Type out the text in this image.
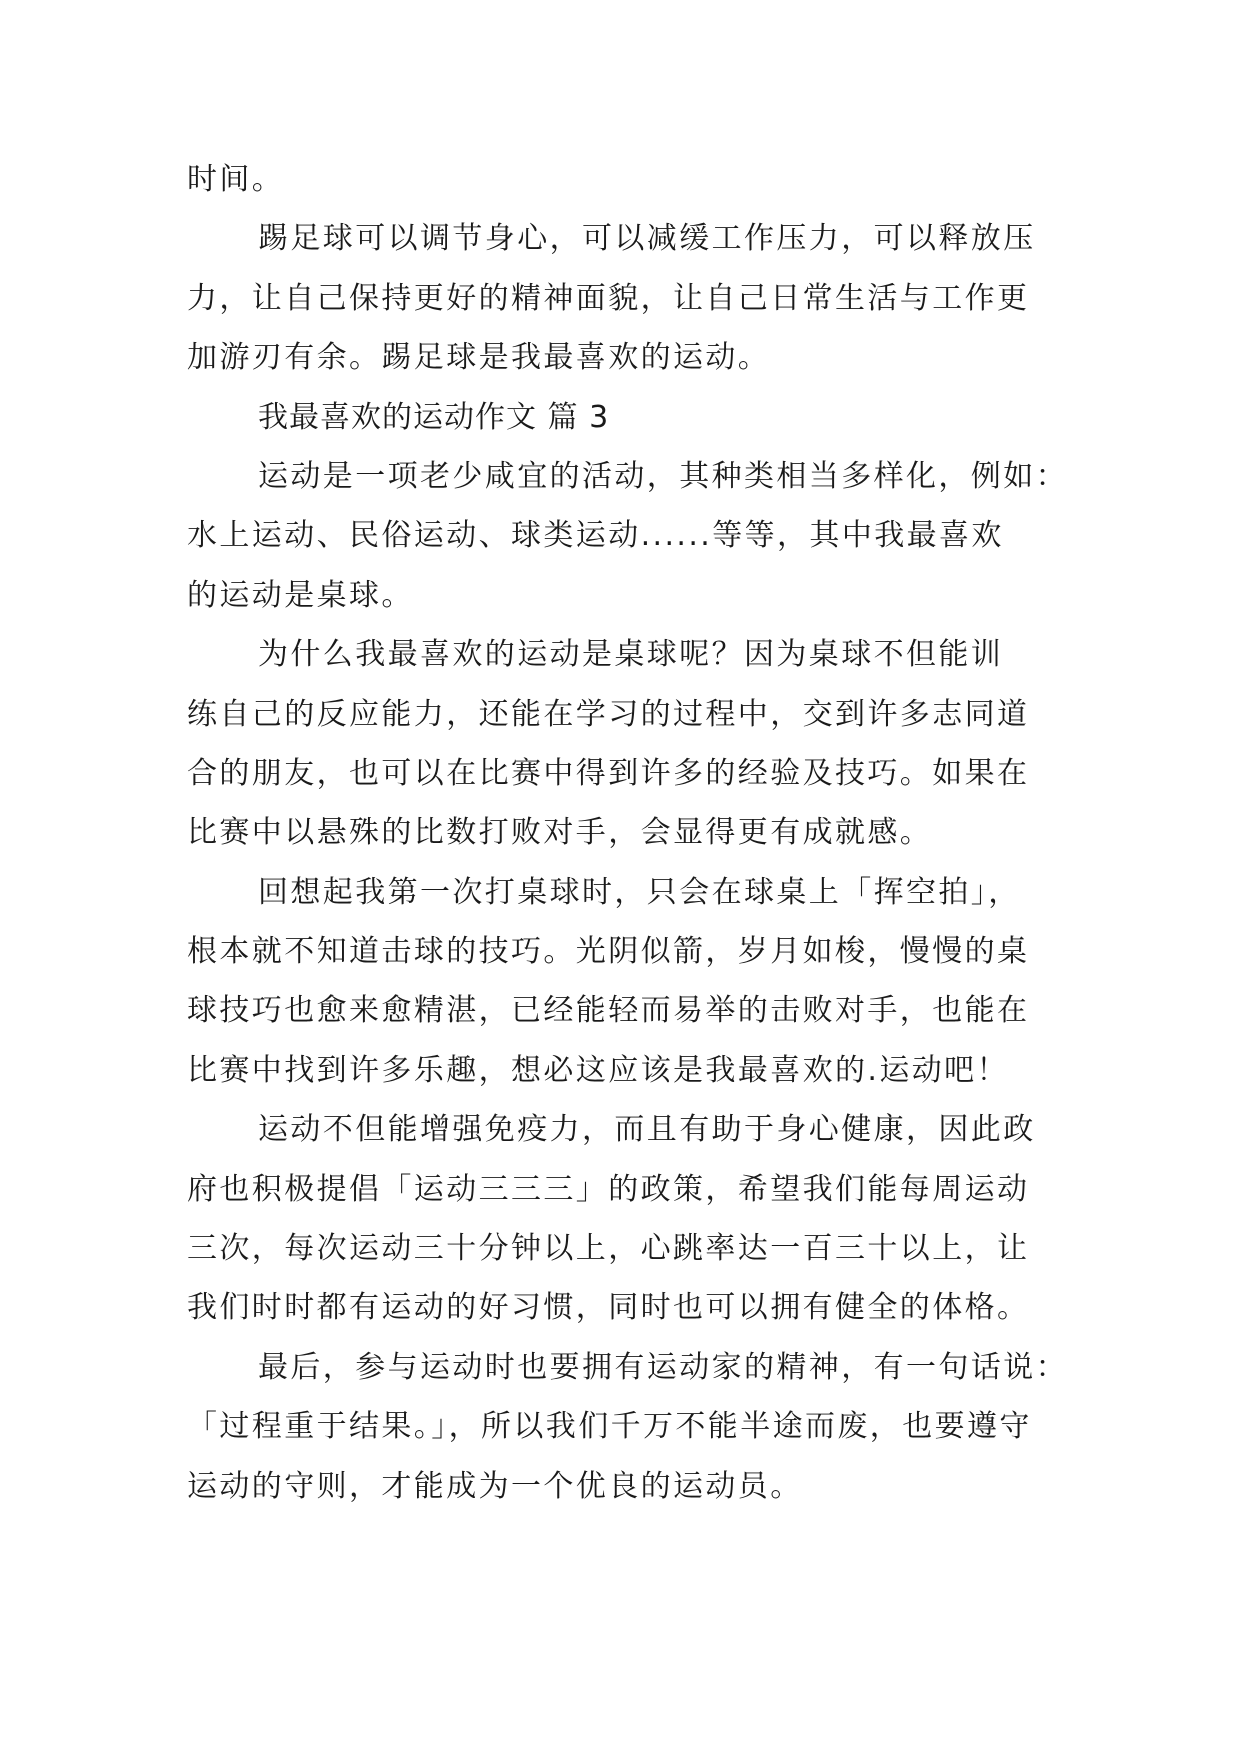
时间。
踢足球可以调节身心，可以减缓工作压力，可以释放压
力，让自己保持更好的精神面貌，让自己日常生活与工作更
加游刃有余。踢足球是我最喜欢的运动。
我最喜欢的运动作文 篇 3
运动是一项老少咸宜的活动，其种类相当多样化，例如：
水上运动、民俗运动、球类运动......等等，其中我最喜欢
的运动是桌球。
为什么我最喜欢的运动是桌球呢？因为桌球不但能训
练自己的反应能力，还能在学习的过程中，交到许多志同道
合的朋友，也可以在比赛中得到许多的经验及技巧。如果在
比赛中以悬殊的比数打败对手，会显得更有成就感。
回想起我第一次打桌球时，只会在球桌上「挥空拍」，
根本就不知道击球的技巧。光阴似箭，岁月如梭，慢慢的桌
球技巧也愈来愈精湛，已经能轻而易举的击败对手，也能在
比赛中找到许多乐趣，想必这应该是我最喜欢的.运动吧！
运动不但能增强免疫力，而且有助于身心健康，因此政
府也积极提倡「运动三三三」的政策，希望我们能每周运动
三次，每次运动三十分钟以上，心跳率达一百三十以上，让
我们时时都有运动的好习惯，同时也可以拥有健全的体格。
最后，参与运动时也要拥有运动家的精神，有一句话说：
「过程重于结果。」，所以我们千万不能半途而废，也要遵守
运动的守则，才能成为一个优良的运动员。
